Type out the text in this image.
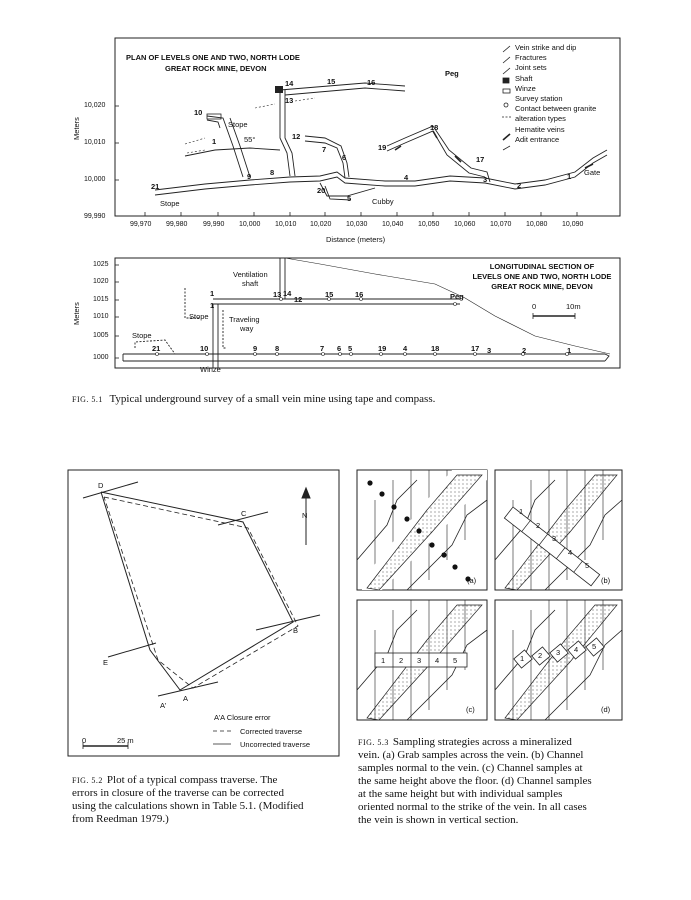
PLAN OF LEVELS ONE AND TWO, NORTH LODE
GREAT ROCK MINE, DEVON
Vein strike and dip
Fractures
Joint sets
Shaft
Winze
Survey station
Contact between granite
alteration types
Hematite veins
Adit entrance
Meters
10,020
10,010
10,000
99,990
99,970 99,980 99,990 10,000 10,010 10,020 10,030 10,040 10,050 10,060 10,070 10,080 10,090
Distance (meters)
Stope
Stope
55°
Peg
Cubby
Gate
14	15	16
13
10
12
18
1
7
6
19
17
9	8
3
2
1
21	20
5
4
LONGITUDINAL SECTION OF
LEVELS ONE AND TWO, NORTH LODE
GREAT ROCK MINE, DEVON
Meters
1025
1020
1015
1010
1005
1000
Ventilation
shaft
Peg
0	10m
Stope
Stope	Traveling
way
Winze
1	13 14
12
15	16
1
21	10	9 8	7 6 5	19 4	18	17 3	2	1
FIG. 5.1 Typical underground survey of a small vein mine using tape and compass.
D
C
B
E
A
A’
N
0	25 m
A’A Closure error
Corrected traverse
Uncorrected traverse
FIG. 5.2 Plot of a typical compass traverse. The
errors in closure of the traverse can be corrected
using the calculations shown in Table 5.1. (Modified
from Reedman 1979.)
(a)	(b)
(c)	(d)
1
2
3
4
5
1 2 3 4 5	1 2 3 4 5
FIG. 5.3 Sampling strategies across a mineralized
vein. (a) Grab samples across the vein. (b) Channel
samples normal to the vein. (c) Channel samples at
the same height above the floor. (d) Channel samples
at the same height but with individual samples
oriented normal to the strike of the vein. In all cases
the vein is shown in vertical section.
